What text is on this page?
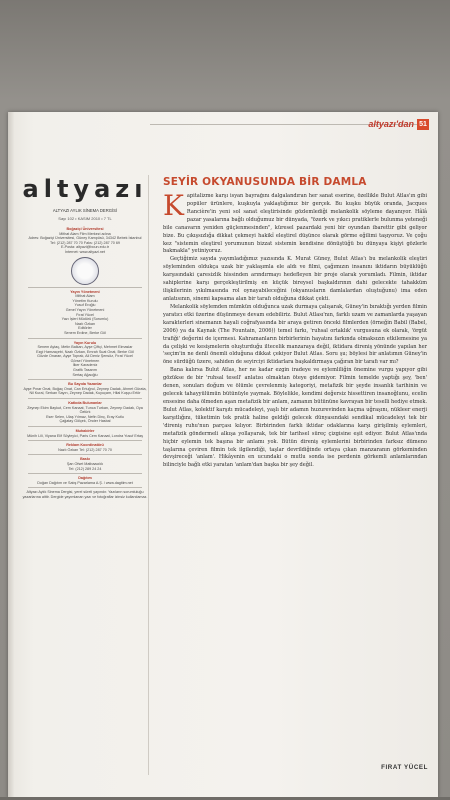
altyazı'dan 51
altyazı
ALTYAZI AYLIK SİNEMA DERGİSİ
Sayı 102 • KASIM 2010 • 7 TL
Boğaziçi Üniversitesi
Mithat Alam Film Merkezi adına
Adres: Boğaziçi Üniversitesi, Güney Kampüsü, 34342 Bebek İstanbul
Tel: (212) 287 70 70 Faks: (212) 287 70 69
E-Posta: altyazi@boun.edu.tr
İnternet: www.altyazi.net
Yayın Yönetmeni
Mithat Alam
Yönetim Kurulu
Yusuf Eroğlu
Genel Yayın Yönetmeni
Fırat Yücel
Yazı İşleri Müdürü (Sorumlu)
Nazlı Özkan
Editörler
Senem Erdine, Berke Göl
Yayın Kurulu
Senem Aytaç, Metin Balkan, Ayşe Çiftçi, Mehmet Elmaslar
Ezgi Hamzaçebi, Nazlı Özkan, Emrah Suat Onat, Berke Göl
Gözde Onaran, Ayşe Toprak, Ali Deniz Şensöz, Fırat Yücel
Görsel Yönetmen
İlker Karadeniz
Grafik Tasarım
Sertaç Ağaoğlu
Bu Sayıda Yazanlar
Ayşe Pınar Onat, Boğaç Onat, Can Ertuğrul, Zeynep Dadak, Ahmet Gürata, Nil Kural, Serkan Sayın, Zeynep Dadak, Kuyuçam, Hilal Kuşçu Ertör
Katkıda Bulunanlar
Zeynep Ekim Baykut, Cem Kanaat, Tunca Turkan, Zeynep Dadak, Oya Öztürk
Eser Selen, Ulaş Yılmaz, Nefin Dinç, Eray Kutlu
Çağatay Gölçek, Önder Hasbal
Muhabirler
Münih Lili, Viyana Elif Söyleyici, Paris Cem Kanaat, Londra Yusuf Ertaş
Reklam Koordinatörü
Nazlı Özkan Tel: (212) 287 70 70
Baskı
Şan Ofset Matbaacılık
Tel: (212) 289 24 24
Dağıtım
Doğan Dağıtım ve Satış Pazarlama A.Ş. / www.dagitim.net
Altyazı Aylık Sinema Dergisi, yerel süreli yayındır. Yazıların sorumluluğu yazarlarına aittir. Dergide yayımlanan yazı ve fotoğraflar izinsiz kullanılamaz.
SEYİR OKYANUSUNDA BİR DAMLA

Kapitalizme karşı isyan bayrağını dalgalandıran her sanat eserine, özellikle Bulut Atlas'ın gibi popüler ürünlere, kuşkuyla yaklaştığımız bir gerçek. Bu kuşku büyük oranda, Jacques Rancière'in yeni sol sanat eleştirisinde gözlemlediği melankolik söyleme dayanıyor. Hâlâ pazar yasalarına bağlı olduğumuz bir dünyada, "özerk ve yıkıcı pratiklerle bulunma yeteneği bile canavarın yeniden güçlenmesinden", küresel pazardaki yeni bir oyundan ibarettir gibi geliyor bize. Bu çıkışsızlığa dikkat çekmeyi hakikî eleştirel düşünce olarak görme eğilimi taşıyoruz. Ve çoğu kez "sistemin eleştirel yorumunun bizzat sistemin kendisine dönüştüğü bu dünyaya kişiyi gözlerle bakmakla" yetiniyoruz.

Geçtiğimiz sayıda yayımladığımız yazısında K. Murat Güney, Bulut Atlas'ı bu melankolik eleştiri söyleminden oldukça uzak bir yaklaşımla ele aldı ve filmi, çağımızın insanını iktidarın büyüklüğü karşısındaki çaresizlik hissinden arındırmayı hedefleyen bir proje olarak yorumladı. Filmin, iktidar sahiplerine karşı gerçekleştirilmiş en küçük bireysel başkaldırının dahi gelecekte tahakküm ilişkilerinin yıkılmasında rol oynayabileceğini (okyanusların damlalardan oluştuğunu) ima eden anlatısının, sinemi kapsama alan bir tarafı olduğuna dikkat çekti.

Melankolik söylemden mümkün olduğunca uzak durmaya çalışarak, Güney'in bıraktığı yerden filmin yaratıcı etki üzerine düşünmeye devam edebiliriz. Bulut Atlası'nın, farklı uzam ve zamanlarda yaşayan karakterleri sinemanın hayali coğrafyasında bir araya getiren önceki filmlerden (örneğin Babil (Babel, 2006) ya da Kaynak (The Fountain, 2006)) temel farkı, 'ruhsal ortaklık' vurgusuna ek olarak, 'örgüt trafiği' değerini de içermesi. Kahramanların birbirlerinin hayatını farkında olmaksızın etkilemesine ya da çelişki ve kesişmelerin oluşturduğu iltecelik manzaraya değil, iktidara direniş yönünde yapılan her 'seçim'in ne denli önemli olduğuna dikkat çekiyor Bulut Atlas. Soru şu; böylesi bir anlatımın Güney'in öne sürdüğü üzere, sahiden de seyirciyi iktidarlara başkaldırmaya çağıran bir tarafı var mı?

Bana kalırsa Bulut Atlas, her ne kadar ezgin iradeye ve eylemliliğin önemine vurgu yapıyor gibi gözükse de bir 'ruhsal tesell' anlatısı olmaktan öteye gidemiyor. Filmin temelde yaptığı şey, 'ben' denen, sonuları doğum ve ölümle çevrelenmiş kategoriyi, metafizik bir şeyde insanlık tarihinin ve gelecek tahayyülümün bütünüyle yaymak. Böylelikle, kendimi değersiz hissettiren insanoğlunu, ecelin ensesine daha ölmeden aşan metafizik bir anlam, zamanın bütününe kavrayan bir teselli hediye etmek. Bulut Atlas, kolektif karşıtı mücadeleyi, yaşlı bir adamın huzurevinden kaçma uğraşını, nükleer enerji karşıtlığını, tüketimin tek pratik haline geldiği gelecek dünyasındaki sendikal mücadeleyi tek bir 'direniş ruhu'nun parçası kılıyor. Birbirinden farklı iktidar odaklarına karşı girişilmiş eylemleri, metafizik göndermeli alkışa yollayarak, tek bir tarihsel süreç çizgisine eşit ediyor. Bulut Atlas'ında hiçbir eylemin tek başına bir anlamı yok. Bütün direniş eylemlerini birbirinden farksız dümeno taşlarına çeviren filmin tek ilgilendiği, taşlar devrildiğinde ortaya çıkan manzaranın görkeminden devşireceği 'anlam'. Hikâyenin en ucundaki o mutlu sonda ise perdenin görkemli anlamlarından bilinciyle bağlı etki yaratan 'anlam'dan başka bir şey değil.

FIRAT YÜCEL
